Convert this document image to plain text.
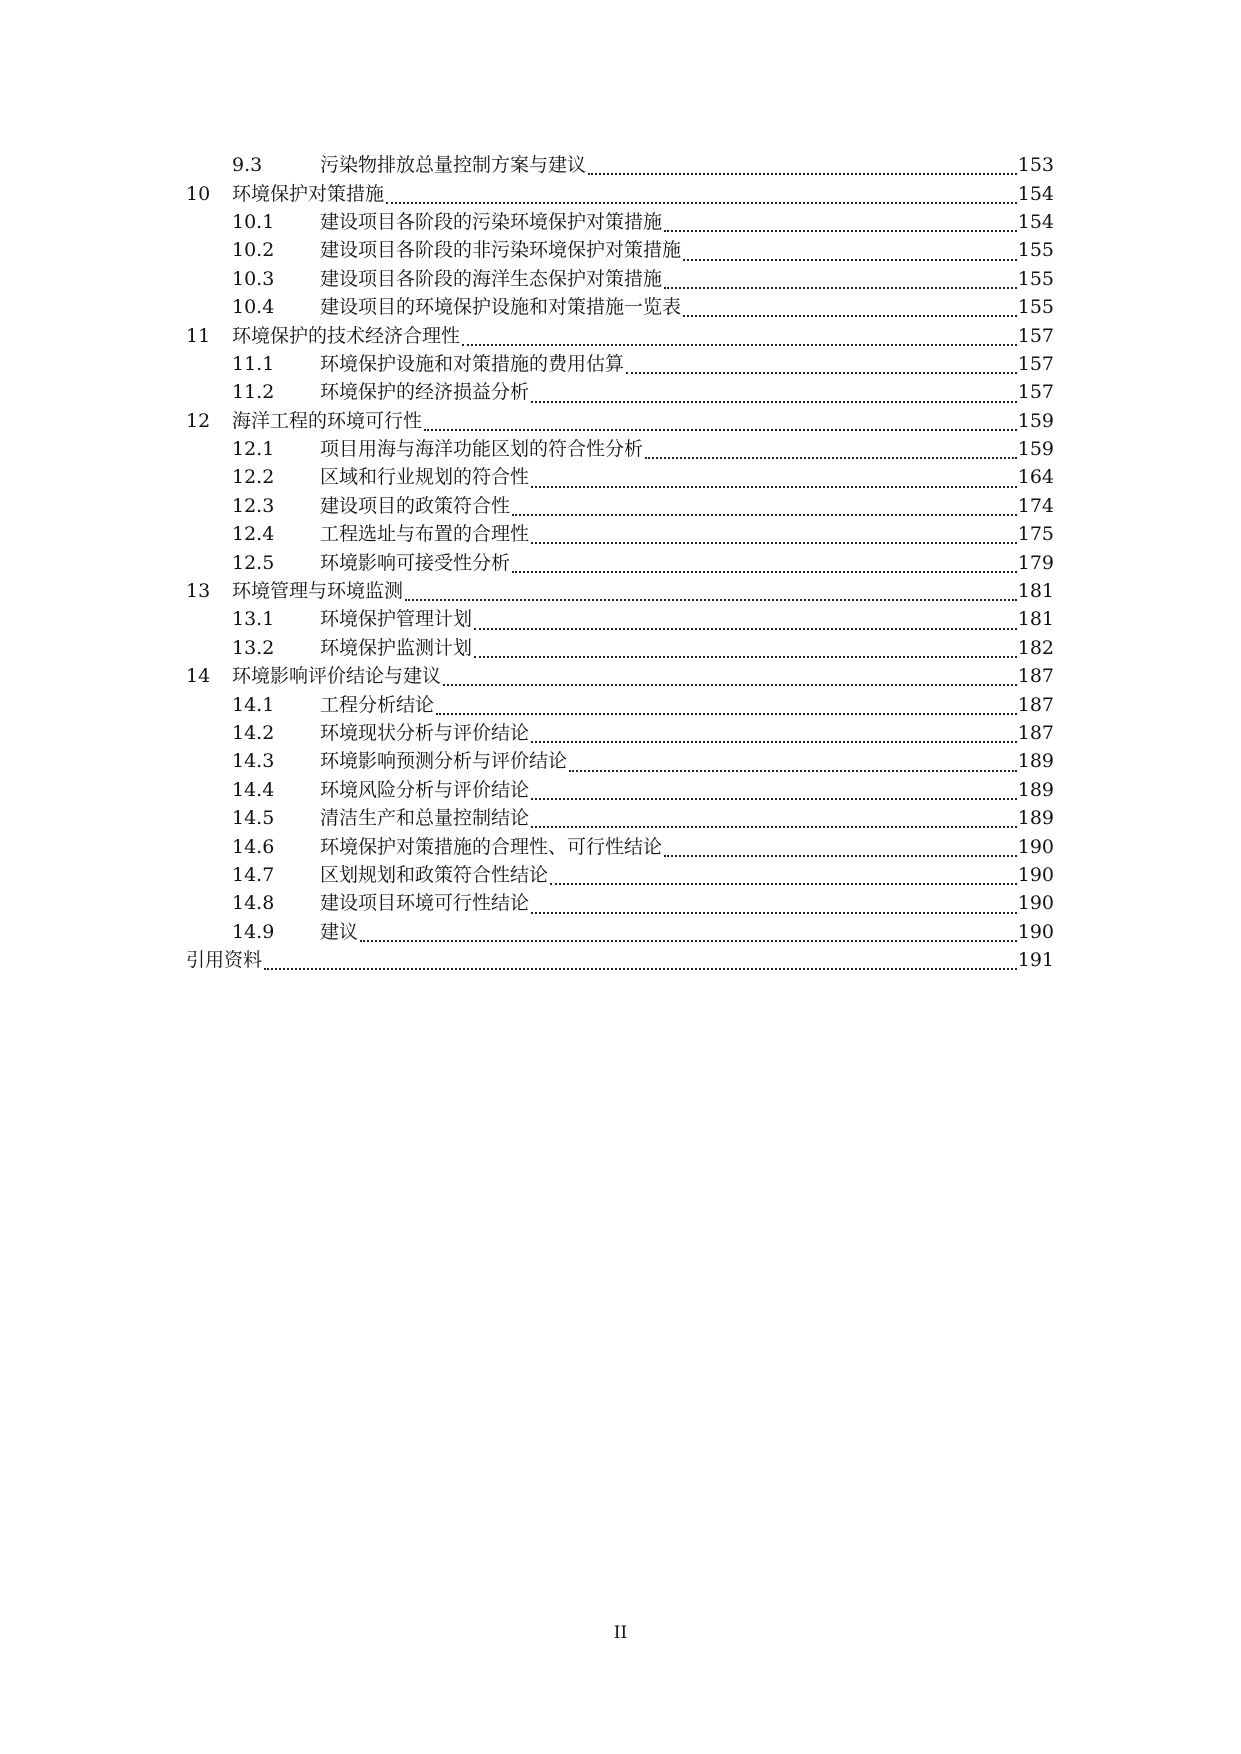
9.3	污染物排放总量控制方案与建议	153
10	环境保护对策措施	154
10.1	建设项目各阶段的污染环境保护对策措施	154
10.2	建设项目各阶段的非污染环境保护对策措施	155
10.3	建设项目各阶段的海洋生态保护对策措施	155
10.4	建设项目的环境保护设施和对策措施一览表	155
11	环境保护的技术经济合理性	157
11.1	环境保护设施和对策措施的费用估算	157
11.2	环境保护的经济损益分析	157
12	海洋工程的环境可行性	159
12.1	项目用海与海洋功能区划的符合性分析	159
12.2	区域和行业规划的符合性	164
12.3	建设项目的政策符合性	174
12.4	工程选址与布置的合理性	175
12.5	环境影响可接受性分析	179
13	环境管理与环境监测	181
13.1	环境保护管理计划	181
13.2	环境保护监测计划	182
14	环境影响评价结论与建议	187
14.1	工程分析结论	187
14.2	环境现状分析与评价结论	187
14.3	环境影响预测分析与评价结论	189
14.4	环境风险分析与评价结论	189
14.5	清洁生产和总量控制结论	189
14.6	环境保护对策措施的合理性、可行性结论	190
14.7	区划规划和政策符合性结论	190
14.8	建设项目环境可行性结论	190
14.9	建议	190
引用资料	191
II
